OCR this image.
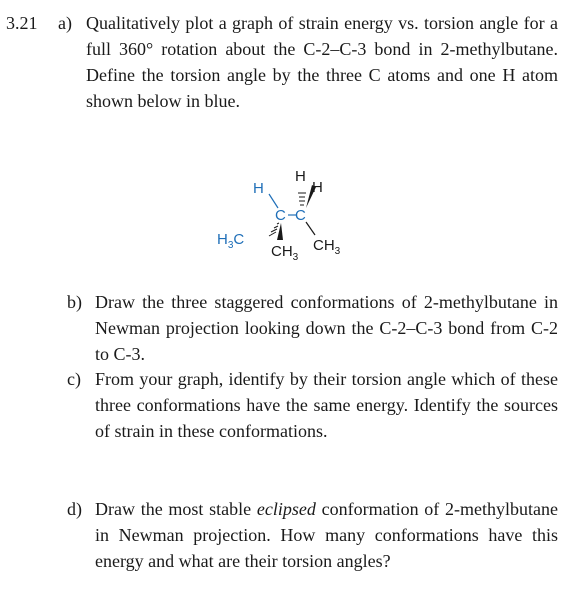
3.21 a) Qualitatively plot a graph of strain energy vs. torsion angle for a full 360° rotation about the C-2–C-3 bond in 2-methylbutane. Define the torsion angle by the three C atoms and one H atom shown below in blue.
H
C C
H
H
$H_3C$
$CH_3$
$CH_3$
b) Draw the three staggered conformations of 2-methylbutane in Newman projection looking down the C-2–C-3 bond from C-2 to C-3.
c) From your graph, identify by their torsion angle which of these three conformations have the same energy. Identify the sources of strain in these conformations.
d) Draw the most stable eclipsed conformation of 2-methylbutane in Newman projection. How many conformations have this energy and what are their torsion angles?
